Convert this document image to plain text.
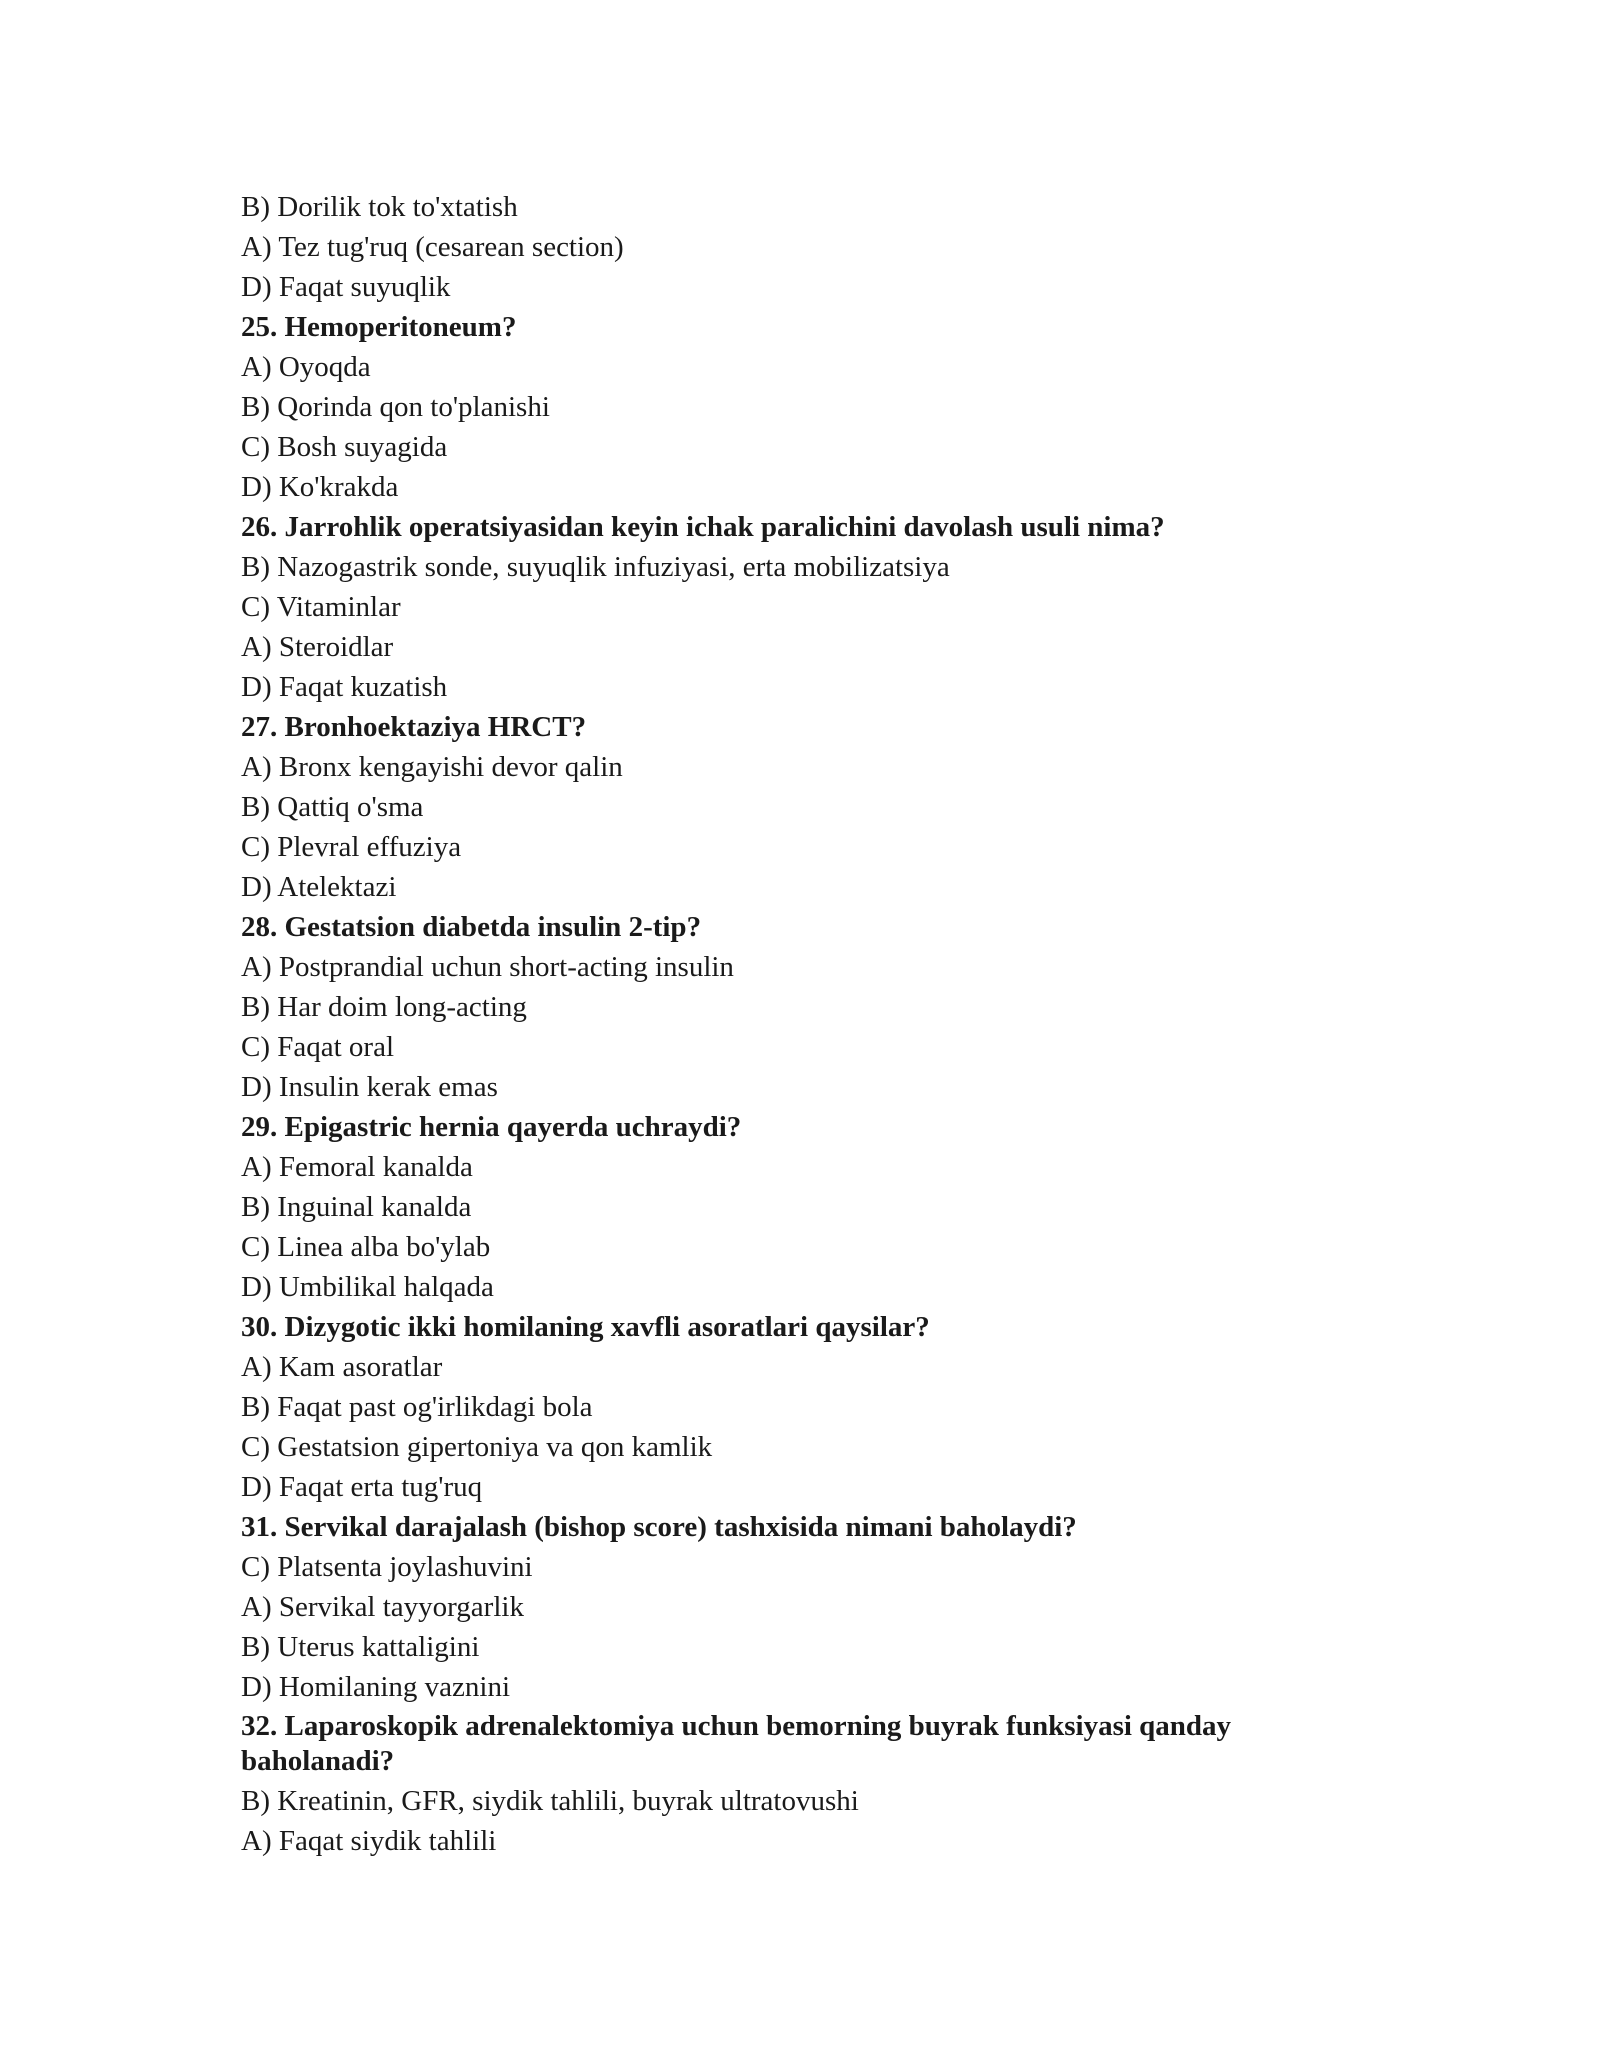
B) Dorilik tok to'xtatish
A) Tez tug'ruq (cesarean section)
D) Faqat suyuqlik
25. Hemoperitoneum?
A) Oyoqda
B) Qorinda qon to'planishi
C) Bosh suyagida
D) Ko'krakda
26. Jarrohlik operatsiyasidan keyin ichak paralichini davolash usuli nima?
B) Nazogastrik sonde, suyuqlik infuziyasi, erta mobilizatsiya
C) Vitaminlar
A) Steroidlar
D) Faqat kuzatish
27. Bronhoektaziya HRCT?
A) Bronx kengayishi devor qalin
B) Qattiq o'sma
C) Plevral effuziya
D) Atelektazi
28. Gestatsion diabetda insulin 2-tip?
A) Postprandial uchun short-acting insulin
B) Har doim long-acting
C) Faqat oral
D) Insulin kerak emas
29. Epigastric hernia qayerda uchraydi?
A) Femoral kanalda
B) Inguinal kanalda
C) Linea alba bo'ylab
D) Umbilikal halqada
30. Dizygotic ikki homilaning xavfli asoratlari qaysilar?
A) Kam asoratlar
B) Faqat past og'irlikdagi bola
C) Gestatsion gipertoniya va qon kamlik
D) Faqat erta tug'ruq
31. Servikal darajalash (bishop score) tashxisida nimani baholaydi?
C) Platsenta joylashuvini
A) Servikal tayyorgarlik
B) Uterus kattaligini
D) Homilaning vaznini
32. Laparoskopik adrenalektomiya uchun bemorning buyrak funksiyasi qanday baholanadi?
B) Kreatinin, GFR, siydik tahlili, buyrak ultratovushi
A) Faqat siydik tahlili
